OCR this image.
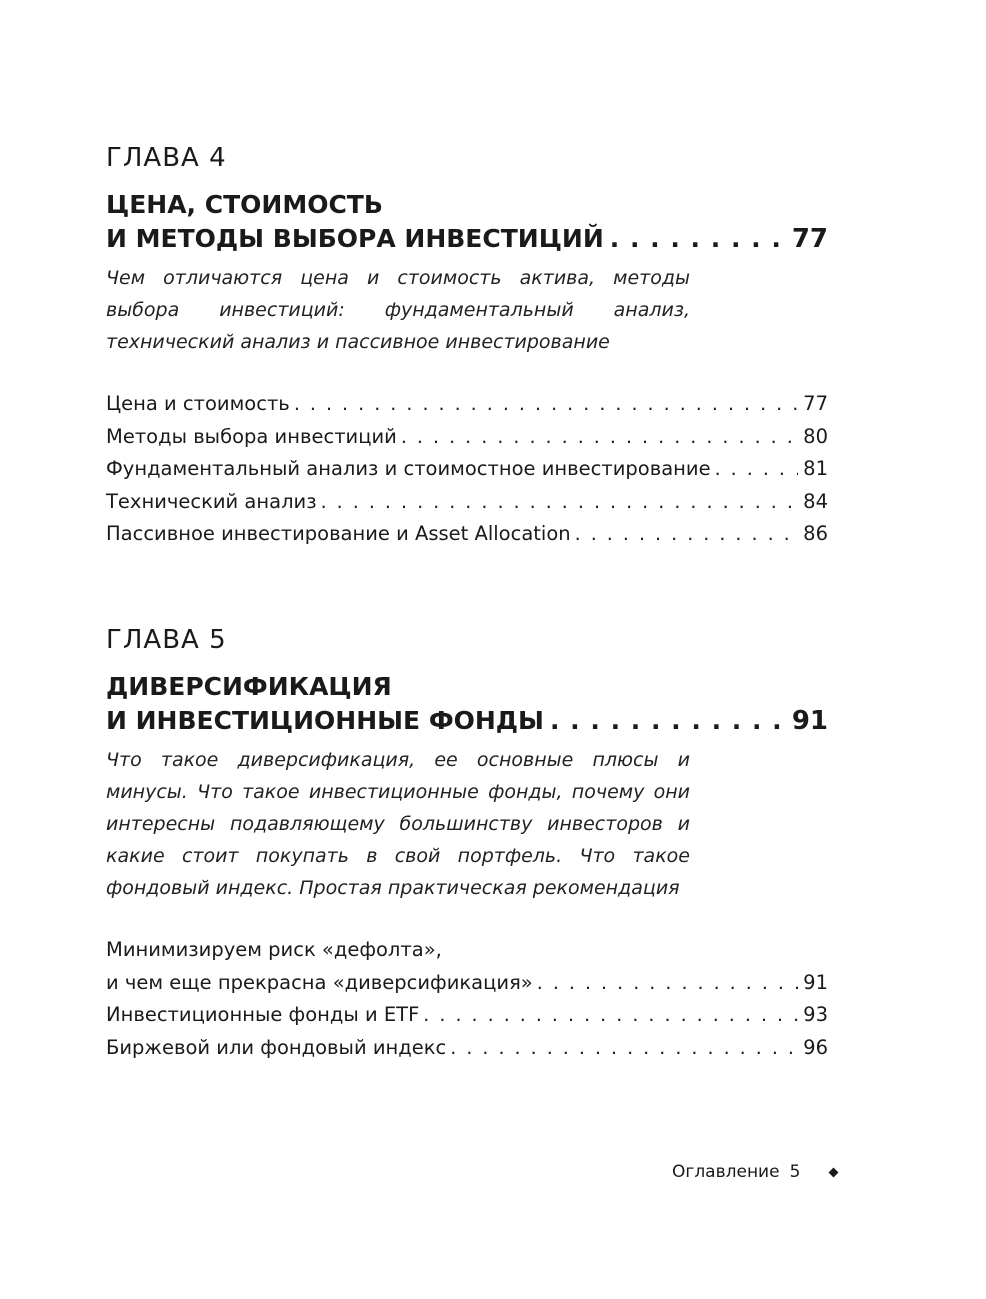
ГЛАВА 4
ЦЕНА, СТОИМОСТЬ
И МЕТОДЫ ВЫБОРА ИНВЕСТИЦИЙ . . .	77
Чем отличаются цена и стоимость актива, методы выбора инвестиций: фундаментальный анализ, технический анализ и пассивное инвестирование
Цена и стоимость . . .	77
Методы выбора инвестиций . . .	80
Фундаментальный анализ и стоимостное инвестирование . . .	81
Технический анализ . . .	84
Пассивное инвестирование и Asset Allocation . . .	86
ГЛАВА 5
ДИВЕРСИФИКАЦИЯ
И ИНВЕСТИЦИОННЫЕ ФОНДЫ . . .	91
Что такое диверсификация, ее основные плюсы и минусы. Что такое инвестиционные фонды, почему они интересны подавляющему большинству инвесторов и какие стоит покупать в свой портфель. Что такое фондовый индекс. Простая практическая рекомендация
Минимизируем риск «дефолта»,
и чем еще прекрасна «диверсификация» . . .	91
Инвестиционные фонды и ETF . . .	93
Биржевой или фондовый индекс . . .	96
Оглавление 5
